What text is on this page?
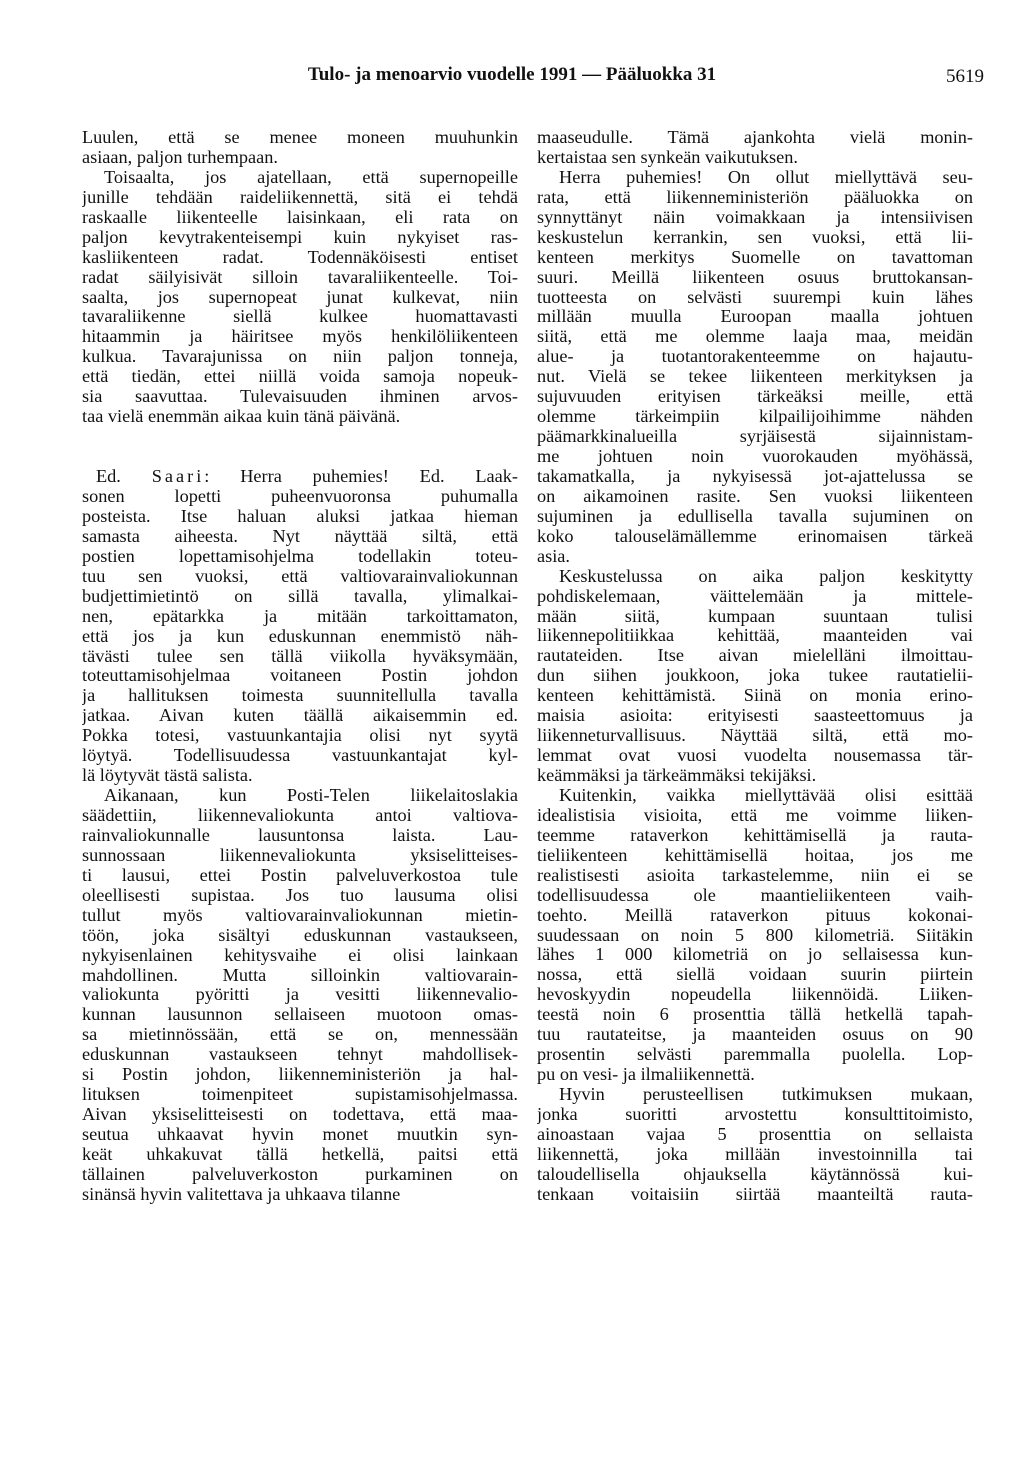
Tulo- ja menoarvio vuodelle 1991 — Pääluokka 31	5619
Luulen, että se menee moneen muuhunkin
asiaan, paljon turhempaan.
Toisaalta, jos ajatellaan, että supernopeille
junille tehdään raideliikennettä, sitä ei tehdä
raskaalle liikenteelle laisinkaan, eli rata on
paljon kevytrakenteisempi kuin nykyiset ras-
kasliikenteen radat. Todennäköisesti entiset
radat säilyisivät silloin tavaraliikenteelle. Toi-
saalta, jos supernopeat junat kulkevat, niin
tavaraliikenne siellä kulkee huomattavasti
hitaammin ja häiritsee myös henkilöliikenteen
kulkua. Tavarajunissa on niin paljon tonneja,
että tiedän, ettei niillä voida samoja nopeuk-
sia saavuttaa. Tulevaisuuden ihminen arvos-
taa vielä enemmän aikaa kuin tänä päivänä.
Ed. Saari: Herra puhemies! Ed. Laak-
sonen lopetti puheenvuoronsa puhumalla
posteista. Itse haluan aluksi jatkaa hieman
samasta aiheesta. Nyt näyttää siltä, että
postien lopettamisohjelma todellakin toteu-
tuu sen vuoksi, että valtiovarainvaliokunnan
budjettimietintö on sillä tavalla, ylimalkai-
nen, epätarkka ja mitään tarkoittamaton,
että jos ja kun eduskunnan enemmistö näh-
tävästi tulee sen tällä viikolla hyväksymään,
toteuttamisohjelmaa voitaneen Postin johdon
ja hallituksen toimesta suunnitellulla tavalla
jatkaa. Aivan kuten täällä aikaisemmin ed.
Pokka totesi, vastuunkantajia olisi nyt syytä
löytyä. Todellisuudessa vastuunkantajat kyl-
lä löytyvät tästä salista.
Aikanaan, kun Posti-Telen liikelaitoslakia
säädettiin, liikennevaliokunta antoi valtiova-
rainvaliokunnalle lausuntonsa laista. Lau-
sunnossaan liikennevaliokunta yksiselitteises-
ti lausui, ettei Postin palveluverkostoa tule
oleellisesti supistaa. Jos tuo lausuma olisi
tullut myös valtiovarainvaliokunnan mietin-
töön, joka sisältyi eduskunnan vastaukseen,
nykyisenlainen kehitysvaihe ei olisi lainkaan
mahdollinen. Mutta silloinkin valtiovarain-
valiokunta pyöritti ja vesitti liikennevalio-
kunnan lausunnon sellaiseen muotoon omas-
sa mietinnössään, että se on, mennessään
eduskunnan vastaukseen tehnyt mahdollisek-
si Postin johdon, liikenneministeriön ja hal-
lituksen toimenpiteet supistamisohjelmassa.
Aivan yksiselitteisesti on todettava, että maa-
seutua uhkaavat hyvin monet muutkin syn-
keät uhkakuvat tällä hetkellä, paitsi että
tällainen palveluverkoston purkaminen on
sinänsä hyvin valitettava ja uhkaava tilanne
maaseudulle. Tämä ajankohta vielä monin-
kertaistaa sen synkeän vaikutuksen.
Herra puhemies! On ollut miellyttävä seu-
rata, että liikenneministeriön pääluokka on
synnyttänyt näin voimakkaan ja intensiivisen
keskustelun kerrankin, sen vuoksi, että lii-
kenteen merkitys Suomelle on tavattoman
suuri. Meillä liikenteen osuus bruttokansan-
tuotteesta on selvästi suurempi kuin lähes
millään muulla Euroopan maalla johtuen
siitä, että me olemme laaja maa, meidän
alue- ja tuotantorakenteemme on hajautu-
nut. Vielä se tekee liikenteen merkityksen ja
sujuvuuden erityisen tärkeäksi meille, että
olemme tärkeimpiin kilpailijoihimme nähden
päämarkkinalueilla syrjäisestä sijainnistam-
me johtuen noin vuorokauden myöhässä,
takamatkalla, ja nykyisessä jot-ajattelussa se
on aikamoinen rasite. Sen vuoksi liikenteen
sujuminen ja edullisella tavalla sujuminen on
koko talouselämällemme erinomaisen tärkeä
asia.
Keskustelussa on aika paljon keskitytty
pohdiskelemaan, väittelemään ja mittele-
mään siitä, kumpaan suuntaan tulisi
liikennepolitiikkaa kehittää, maanteiden vai
rautateiden. Itse aivan mielelläni ilmoittau-
dun siihen joukkoon, joka tukee rautatielii-
kenteen kehittämistä. Siinä on monia erino-
maisia asioita: erityisesti saasteettomuus ja
liikenneturvallisuus. Näyttää siltä, että mo-
lemmat ovat vuosi vuodelta nousemassa tär-
keämmäksi ja tärkeämmäksi tekijäksi.
Kuitenkin, vaikka miellyttävää olisi esittää
idealistisia visioita, että me voimme liiken-
teemme rataverkon kehittämisellä ja rauta-
tieliikenteen kehittämisellä hoitaa, jos me
realistisesti asioita tarkastelemme, niin ei se
todellisuudessa ole maantieliikenteen vaih-
toehto. Meillä rataverkon pituus kokonai-
suudessaan on noin 5 800 kilometriä. Siitäkin
lähes 1 000 kilometriä on jo sellaisessa kun-
nossa, että siellä voidaan suurin piirtein
hevoskyydin nopeudella liikennöidä. Liiken-
teestä noin 6 prosenttia tällä hetkellä tapah-
tuu rautateitse, ja maanteiden osuus on 90
prosentin selvästi paremmalla puolella. Lop-
pu on vesi- ja ilmaliikennettä.
Hyvin perusteellisen tutkimuksen mukaan,
jonka suoritti arvostettu konsulttitoimisto,
ainoastaan vajaa 5 prosenttia on sellaista
liikennettä, joka millään investoinnilla tai
taloudellisella ohjauksella käytännössä kui-
tenkaan voitaisiin siirtää maanteiltä rauta-
